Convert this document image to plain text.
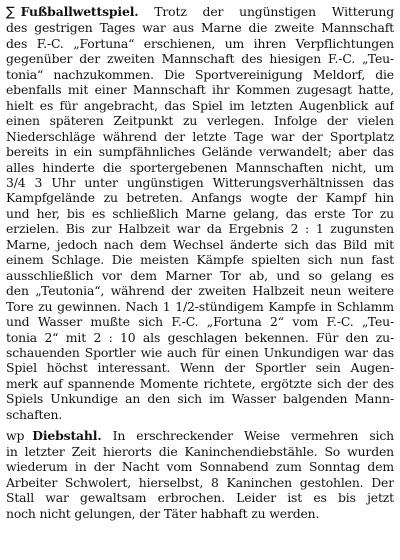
∑ Fußballwettspiel. Trotz der ungünstigen Witterung
des gestrigen Tages war aus Marne die zweite Mannschaft
des F.-C. „Fortuna“ erschienen, um ihren Verpflichtungen
gegenüber der zweiten Mannschaft des hiesigen F.-C. „Teu-
tonia“ nachzukommen. Die Sportvereinigung Meldorf, die
ebenfalls mit einer Mannschaft ihr Kommen zugesagt hatte,
hielt es für angebracht, das Spiel im letzten Augenblick auf
einen späteren Zeitpunkt zu verlegen. Infolge der vielen
Niederschläge während der letzte Tage war der Sportplatz
bereits in ein sumpfähnliches Gelände verwandelt; aber das
alles hinderte die sportergebenen Mannschaften nicht, um
3/4 3 Uhr unter ungünstigen Witterungsverhältnissen das
Kampfgelände zu betreten. Anfangs wogte der Kampf hin
und her, bis es schließlich Marne gelang, das erste Tor zu
erzielen. Bis zur Halbzeit war da Ergebnis 2 : 1 zugunsten
Marne, jedoch nach dem Wechsel änderte sich das Bild mit
einem Schlage. Die meisten Kämpfe spielten sich nun fast
ausschließlich vor dem Marner Tor ab, und so gelang es
den „Teutonia“, während der zweiten Halbzeit neun weitere
Tore zu gewinnen. Nach 1 1/2-stündigem Kampfe in Schlamm
und Wasser mußte sich F.-C. „Fortuna 2“ vom F.-C. „Teu-
tonia 2“ mit 2 : 10 als geschlagen bekennen. Für den zu-
schauenden Sportler wie auch für einen Unkundigen war das
Spiel höchst interessant. Wenn der Sportler sein Augen-
merk auf spannende Momente richtete, ergötzte sich der des
Spiels Unkundige an den sich im Wasser balgenden Mann-
schaften.
wp Diebstahl. In erschreckender Weise vermehren sich
in letzter Zeit hierorts die Kaninchendiebstähle. So wurden
wiederum in der Nacht vom Sonnabend zum Sonntag dem
Arbeiter Schwolert, hierselbst, 8 Kaninchen gestohlen. Der
Stall war gewaltsam erbrochen. Leider ist es bis jetzt
noch nicht gelungen, der Täter habhaft zu werden.
